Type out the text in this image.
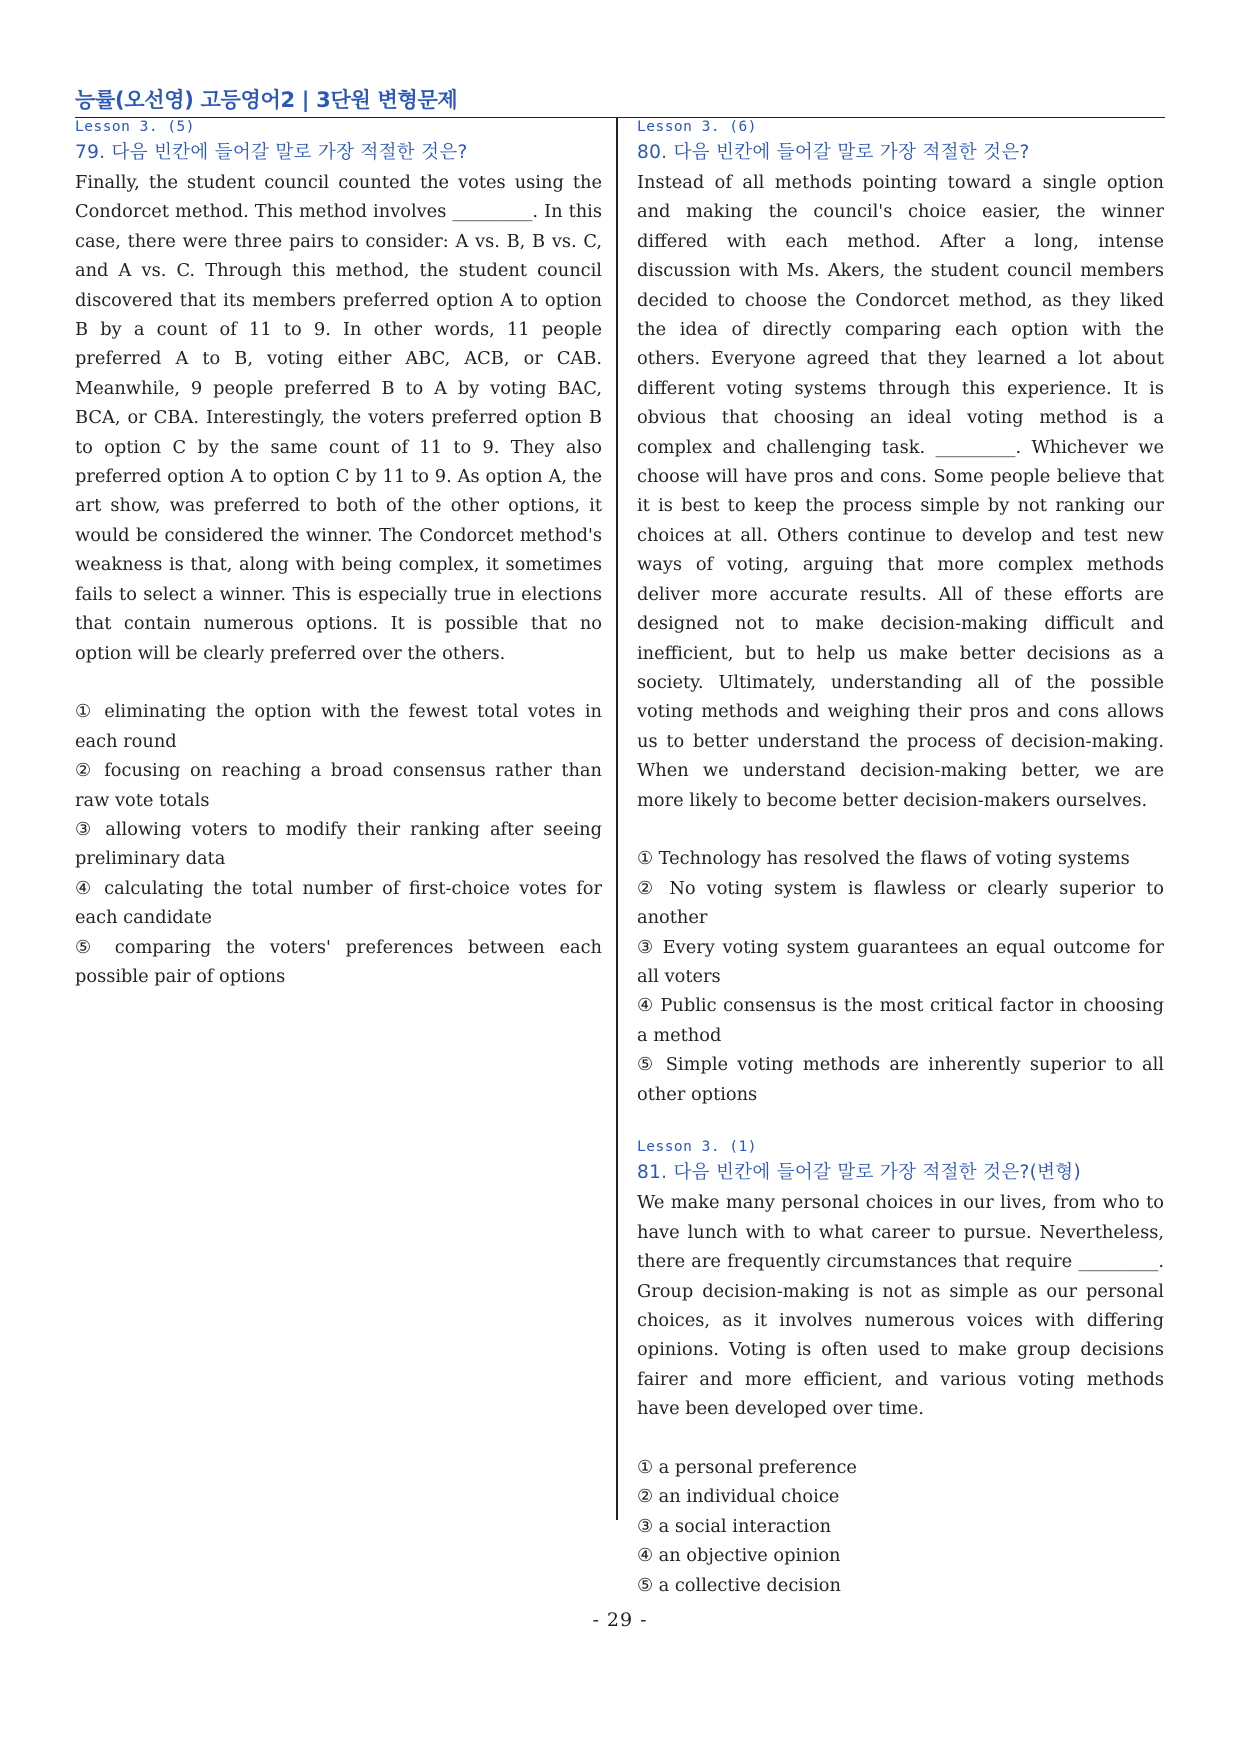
능률(오선영) 고등영어2 | 3단원 변형문제
Lesson 3. (5)
79. 다음 빈칸에 들어갈 말로 가장 적절한 것은?

Finally, the student council counted the votes using the Condorcet method. This method involves _________. In this case, there were three pairs to consider: A vs. B, B vs. C, and A vs. C. Through this method, the student council discovered that its members preferred option A to option B by a count of 11 to 9. In other words, 11 people preferred A to B, voting either ABC, ACB, or CAB. Meanwhile, 9 people preferred B to A by voting BAC, BCA, or CBA. Interestingly, the voters preferred option B to option C by the same count of 11 to 9. They also preferred option A to option C by 11 to 9. As option A, the art show, was preferred to both of the other options, it would be considered the winner. The Condorcet method's weakness is that, along with being complex, it sometimes fails to select a winner. This is especially true in elections that contain numerous options. It is possible that no option will be clearly preferred over the others.

① eliminating the option with the fewest total votes in each round

② focusing on reaching a broad consensus rather than raw vote totals

③ allowing voters to modify their ranking after seeing preliminary data

④ calculating the total number of first-choice votes for each candidate

⑤ comparing the voters' preferences between each possible pair of options

Lesson 3. (6)
80. 다음 빈칸에 들어갈 말로 가장 적절한 것은?

Instead of all methods pointing toward a single option and making the council's choice easier, the winner differed with each method. After a long, intense discussion with Ms. Akers, the student council members decided to choose the Condorcet method, as they liked the idea of directly comparing each option with the others. Everyone agreed that they learned a lot about different voting systems through this experience. It is obvious that choosing an ideal voting method is a complex and challenging task. _________. Whichever we choose will have pros and cons. Some people believe that it is best to keep the process simple by not ranking our choices at all. Others continue to develop and test new ways of voting, arguing that more complex methods deliver more accurate results. All of these efforts are designed not to make decision-making difficult and inefficient, but to help us make better decisions as a society. Ultimately, understanding all of the possible voting methods and weighing their pros and cons allows us to better understand the process of decision-making. When we understand decision-making better, we are more likely to become better decision-makers ourselves.

① Technology has resolved the flaws of voting systems

② No voting system is flawless or clearly superior to another

③ Every voting system guarantees an equal outcome for all voters

④ Public consensus is the most critical factor in choosing a method

⑤ Simple voting methods are inherently superior to all other options

Lesson 3. (1)
81. 다음 빈칸에 들어갈 말로 가장 적절한 것은?(변형)

We make many personal choices in our lives, from who to have lunch with to what career to pursue. Nevertheless, there are frequently circumstances that require _________. Group decision-making is not as simple as our personal choices, as it involves numerous voices with differing opinions. Voting is often used to make group decisions fairer and more efficient, and various voting methods have been developed over time.

① a personal preference

② an individual choice

③ a social interaction

④ an objective opinion

⑤ a collective decision

- 29 -
